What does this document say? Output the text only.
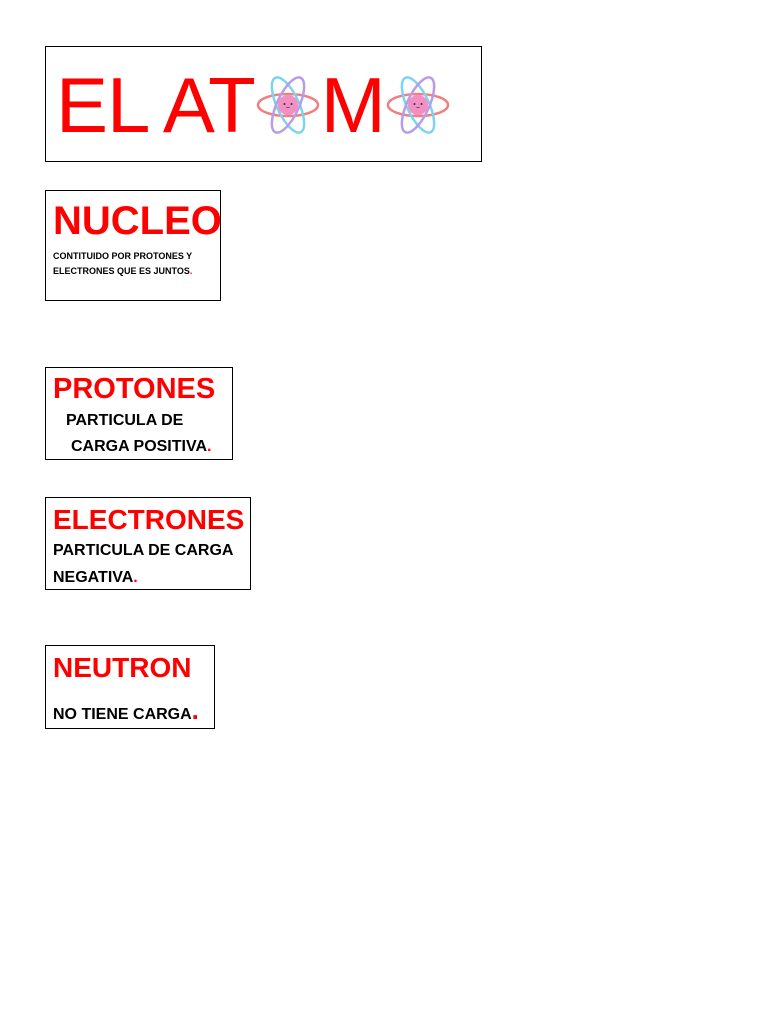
EL AT M
NUCLEO
CONTITUIDO POR PROTONES Y
ELECTRONES QUE ES JUNTOS.
PROTONES
PARTICULA DE
CARGA POSITIVA.
ELECTRONES
PARTICULA DE CARGA
NEGATIVA.
NEUTRON
NO TIENE CARGA.
